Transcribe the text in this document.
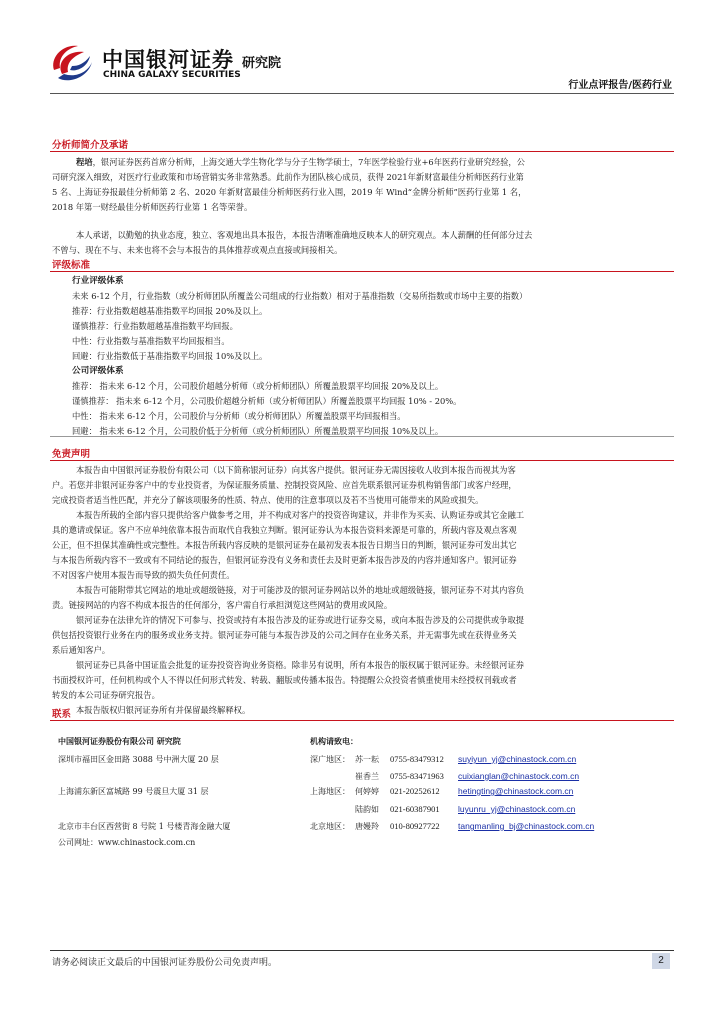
中国银河证券 研究院
CHINA GALAXY SECURITIES
行业点评报告/医药行业
分析师简介及承诺
程培，银河证券医药首席分析师，上海交通大学生物化学与分子生物学硕士，7年医学检验行业+6年医药行业研究经验，公
司研究深入细致，对医疗行业政策和市场营销实务非常熟悉。此前作为团队核心成员，获得 2021年新财富最佳分析师医药行业第
5 名、上海证券报最佳分析师第 2 名、2020 年新财富最佳分析师医药行业入围，2019 年 Wind“金牌分析师”医药行业第 1 名，
2018 年第一财经最佳分析师医药行业第 1 名等荣誉。
本人承诺，以勤勉的执业态度，独立、客观地出具本报告，本报告清晰准确地反映本人的研究观点。本人薪酬的任何部分过去
不曾与、现在不与、未来也将不会与本报告的具体推荐或观点直接或间接相关。
评级标准
行业评级体系
未来 6-12 个月，行业指数（或分析师团队所覆盖公司组成的行业指数）相对于基准指数（交易所指数或市场中主要的指数）
推荐：行业指数超越基准指数平均回报 20%及以上。
谨慎推荐：行业指数超越基准指数平均回报。
中性：行业指数与基准指数平均回报相当。
回避：行业指数低于基准指数平均回报 10%及以上。
公司评级体系
推荐： 指未来 6-12 个月，公司股价超越分析师（或分析师团队）所覆盖股票平均回报 20%及以上。
谨慎推荐： 指未来 6-12 个月，公司股价超越分析师（或分析师团队）所覆盖股票平均回报 10% - 20%。
中性： 指未来 6-12 个月，公司股价与分析师（或分析师团队）所覆盖股票平均回报相当。
回避： 指未来 6-12 个月，公司股价低于分析师（或分析师团队）所覆盖股票平均回报 10%及以上。
免责声明
本报告由中国银河证券股份有限公司（以下简称银河证券）向其客户提供。银河证券无需因接收人收到本报告而视其为客
户。若您并非银河证券客户中的专业投资者，为保证服务质量、控制投资风险、应首先联系银河证券机构销售部门或客户经理，
完成投资者适当性匹配，并充分了解该项服务的性质、特点、使用的注意事项以及若不当使用可能带来的风险或损失。
本报告所载的全部内容只提供给客户做参考之用，并不构成对客户的投资咨询建议，并非作为买卖、认购证券或其它金融工
具的邀请或保证。客户不应单纯依靠本报告而取代自我独立判断。银河证券认为本报告资料来源是可靠的，所载内容及观点客观
公正，但不担保其准确性或完整性。本报告所载内容反映的是银河证券在最初发表本报告日期当日的判断，银河证券可发出其它
与本报告所载内容不一致或有不同结论的报告，但银河证券没有义务和责任去及时更新本报告涉及的内容并通知客户。银河证券
不对因客户使用本报告而导致的损失负任何责任。
本报告可能附带其它网站的地址或超级链接，对于可能涉及的银河证券网站以外的地址或超级链接，银河证券不对其内容负
责。链接网站的内容不构成本报告的任何部分，客户需自行承担浏览这些网站的费用或风险。
银河证券在法律允许的情况下可参与、投资或持有本报告涉及的证券或进行证券交易，或向本报告涉及的公司提供或争取提
供包括投资银行业务在内的服务或业务支持。银河证券可能与本报告涉及的公司之间存在业务关系，并无需事先或在获得业务关
系后通知客户。
银河证券已具备中国证监会批复的证券投资咨询业务资格。除非另有说明，所有本报告的版权属于银河证券。未经银河证券
书面授权许可，任何机构或个人不得以任何形式转发、转载、翻版或传播本报告。特提醒公众投资者慎重使用未经授权刊载或者
转发的本公司证券研究报告。
本报告版权归银河证券所有并保留最终解释权。
联系
中国银河证券股份有限公司 研究院
深圳市福田区金田路 3088 号中洲大厦 20 层
上海浦东新区富城路 99 号震旦大厦 31 层
北京市丰台区西营街 8 号院 1 号楼青海金融大厦
公司网址：www.chinastock.com.cn
机构请致电：
深广地区： 苏一耘 0755-83479312 suyiyun_yj@chinastock.com.cn
崔香兰 0755-83471963 cuixianglan@chinastock.com.cn
上海地区： 何婷婷 021-20252612 hetingting@chinastock.com.cn
陆韵如 021-60387901 luyunru_yj@chinastock.com.cn
北京地区： 唐嫚羚 010-80927722 tangmanling_bj@chinastock.com.cn
请务必阅读正文最后的中国银河证券股份公司免责声明。	2
